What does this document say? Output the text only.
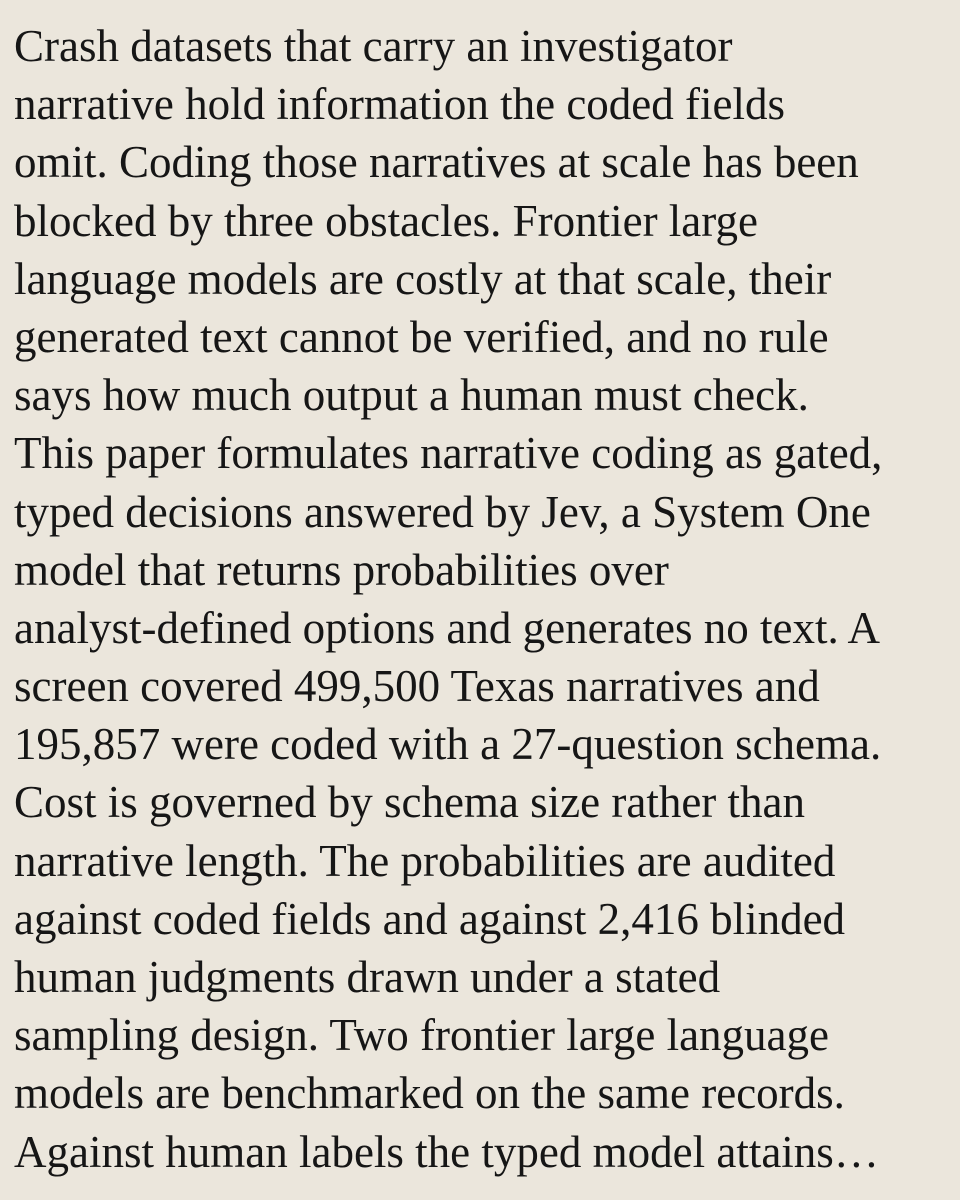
Crash datasets that carry an investigator
narrative hold information the coded fields
omit. Coding those narratives at scale has been
blocked by three obstacles. Frontier large
language models are costly at that scale, their
generated text cannot be verified, and no rule
says how much output a human must check.
This paper formulates narrative coding as gated,
typed decisions answered by Jev, a System One
model that returns probabilities over
analyst-defined options and generates no text. A
screen covered 499,500 Texas narratives and
195,857 were coded with a 27-question schema.
Cost is governed by schema size rather than
narrative length. The probabilities are audited
against coded fields and against 2,416 blinded
human judgments drawn under a stated
sampling design. Two frontier large language
models are benchmarked on the same records.
Against human labels the typed model attains…
